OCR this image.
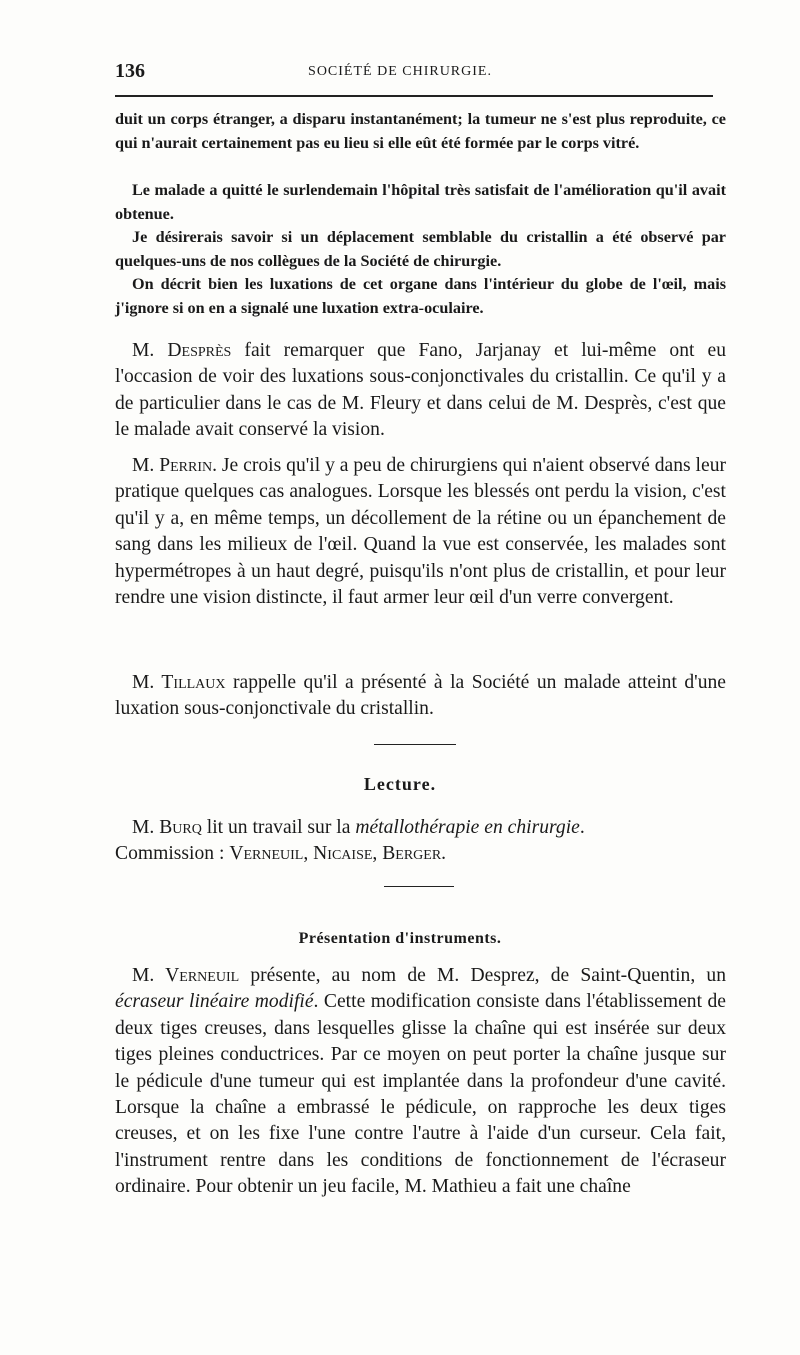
136	SOCIÉTÉ DE CHIRURGIE.

duit un corps étranger, a disparu instantanément; la tumeur ne s'est plus reproduite, ce qui n'aurait certainement pas eu lieu si elle eût été formée par le corps vitré.

Le malade a quitté le surlendemain l'hôpital très satisfait de l'amélioration qu'il avait obtenue.

Je désirerais savoir si un déplacement semblable du cristallin a été observé par quelques-uns de nos collègues de la Société de chirurgie.

On décrit bien les luxations de cet organe dans l'intérieur du globe de l'œil, mais j'ignore si on en a signalé une luxation extra-oculaire.

M. Desprès fait remarquer que Fano, Jarjanay et lui-même ont eu l'occasion de voir des luxations sous-conjonctivales du cristallin. Ce qu'il y a de particulier dans le cas de M. Fleury et dans celui de M. Desprès, c'est que le malade avait conservé la vision.

M. Perrin. Je crois qu'il y a peu de chirurgiens qui n'aient observé dans leur pratique quelques cas analogues. Lorsque les blessés ont perdu la vision, c'est qu'il y a, en même temps, un décollement de la rétine ou un épanchement de sang dans les milieux de l'œil. Quand la vue est conservée, les malades sont hypermétropes à un haut degré, puisqu'ils n'ont plus de cristallin, et pour leur rendre une vision distincte, il faut armer leur œil d'un verre convergent.

M. Tillaux rappelle qu'il a présenté à la Société un malade atteint d'une luxation sous-conjonctivale du cristallin.

Lecture.

M. Burq lit un travail sur la métallothérapie en chirurgie.
Commission : Verneuil, Nicaise, Berger.

Présentation d'instruments.

M. Verneuil présente, au nom de M. Desprez, de Saint-Quentin, un écraseur linéaire modifié. Cette modification consiste dans l'établissement de deux tiges creuses, dans lesquelles glisse la chaîne qui est insérée sur deux tiges pleines conductrices. Par ce moyen on peut porter la chaîne jusque sur le pédicule d'une tumeur qui est implantée dans la profondeur d'une cavité. Lorsque la chaîne a embrassé le pédicule, on rapproche les deux tiges creuses, et on les fixe l'une contre l'autre à l'aide d'un curseur. Cela fait, l'instrument rentre dans les conditions de fonctionnement de l'écraseur ordinaire. Pour obtenir un jeu facile, M. Mathieu a fait une chaîne
